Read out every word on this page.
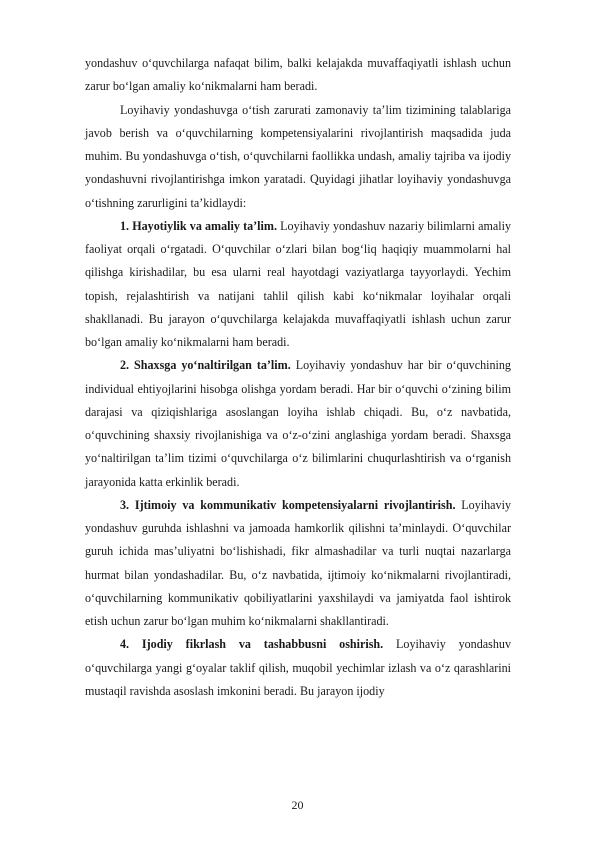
yondashuv o‘quvchilarga nafaqat bilim, balki kelajakda muvaffaqiyatli ishlash uchun zarur bo‘lgan amaliy ko‘nikmalarni ham beradi.

Loyihaviy yondashuvga o‘tish zarurati zamonaviy ta’lim tizimining talablariga javob berish va o‘quvchilarning kompetensiyalarini rivojlantirish maqsadida juda muhim. Bu yondashuvga o‘tish, o‘quvchilarni faollikka undash, amaliy tajriba va ijodiy yondashuvni rivojlantirishga imkon yaratadi. Quyidagi jihatlar loyihaviy yondashuvga o‘tishning zarurligini ta’kidlaydi:

1. Hayotiylik va amaliy ta’lim. Loyihaviy yondashuv nazariy bilimlarni amaliy faoliyat orqali o‘rgatadi. O‘quvchilar o‘zlari bilan bog‘liq haqiqiy muammolarni hal qilishga kirishadilar, bu esa ularni real hayotdagi vaziyatlarga tayyorlaydi. Yechim topish, rejalashtirish va natijani tahlil qilish kabi ko‘nikmalar loyihalar orqali shakllanadi. Bu jarayon o‘quvchilarga kelajakda muvaffaqiyatli ishlash uchun zarur bo‘lgan amaliy ko‘nikmalarni ham beradi.

2. Shaxsga yo‘naltirilgan ta’lim. Loyihaviy yondashuv har bir o‘quvchining individual ehtiyojlarini hisobga olishga yordam beradi. Har bir o‘quvchi o‘zining bilim darajasi va qiziqishlariga asoslangan loyiha ishlab chiqadi. Bu, o‘z navbatida, o‘quvchining shaxsiy rivojlanishiga va o‘z-o‘zini anglashiga yordam beradi. Shaxsga yo‘naltirilgan ta’lim tizimi o‘quvchilarga o‘z bilimlarini chuqurlashtirish va o‘rganish jarayonida katta erkinlik beradi.

3. Ijtimoiy va kommunikativ kompetensiyalarni rivojlantirish. Loyihaviy yondashuv guruhda ishlashni va jamoada hamkorlik qilishni ta’minlaydi. O‘quvchilar guruh ichida mas’uliyatni bo‘lishishadi, fikr almashadilar va turli nuqtai nazarlarga hurmat bilan yondashadilar. Bu, o‘z navbatida, ijtimoiy ko‘nikmalarni rivojlantiradi, o‘quvchilarning kommunikativ qobiliyatlarini yaxshilaydi va jamiyatda faol ishtirok etish uchun zarur bo‘lgan muhim ko‘nikmalarni shakllantiradi.

4. Ijodiy fikrlash va tashabbusni oshirish. Loyihaviy yondashuv o‘quvchilarga yangi g‘oyalar taklif qilish, muqobil yechimlar izlash va o‘z qarashlarini mustaqil ravishda asoslash imkonini beradi. Bu jarayon ijodiy

20
